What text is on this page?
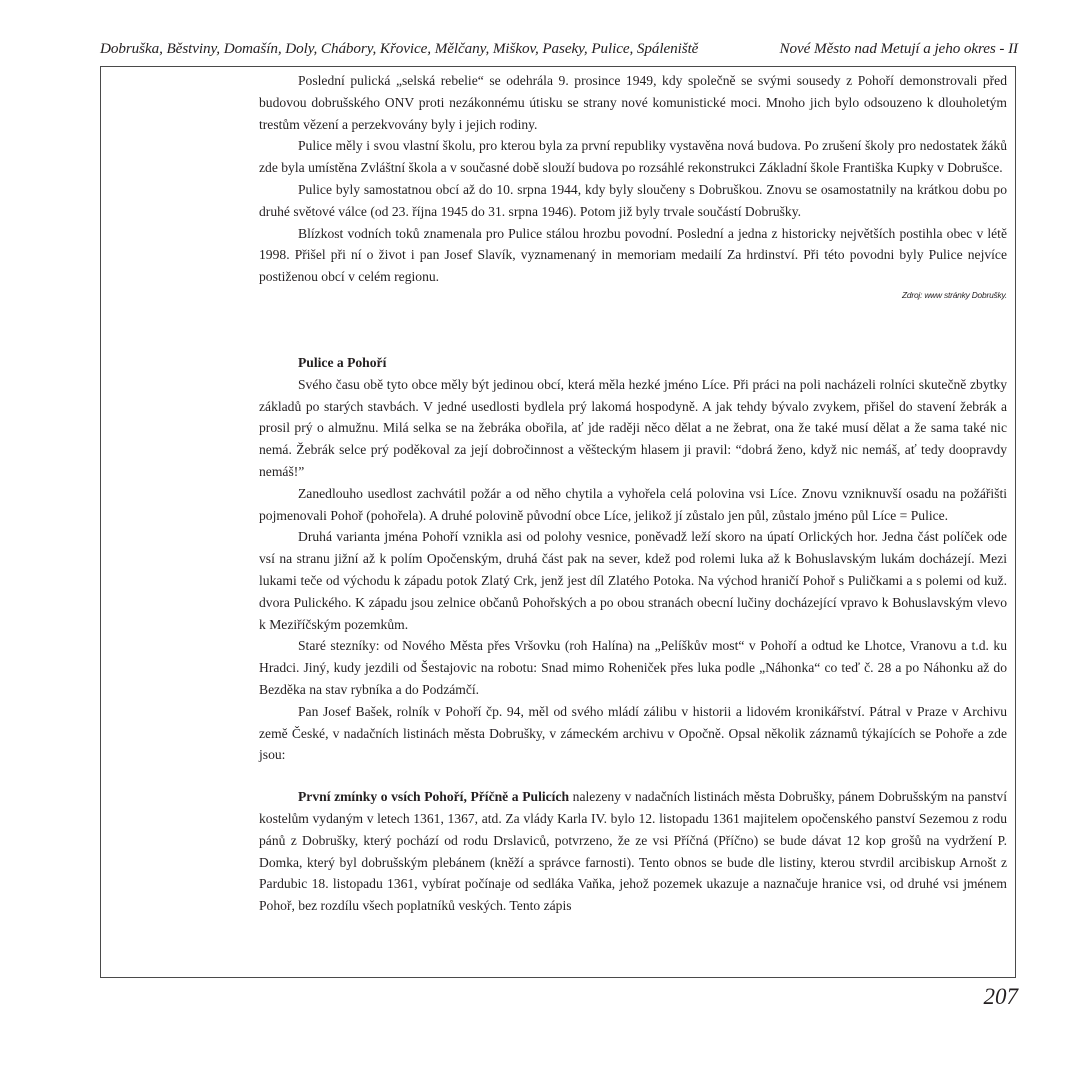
Dobruška, Běstviny, Domašín, Doly, Chábory, Křovice, Mělčany, Miškov, Paseky, Pulice, Spáleniště	Nové Město nad Metují a jeho okres - II

Poslední pulická „selská rebelie“ se odehrála 9. prosince 1949, kdy společně se svými sousedy z Pohoří demonstrovali před budovou dobrušského ONV proti nezákonnému útisku se strany nové komunistické moci. Mnoho jich bylo odsouzeno k dlouholetým trestům vězení a perzekvovány byly i jejich rodiny.

Pulice měly i svou vlastní školu, pro kterou byla za první republiky vystavěna nová budova. Po zrušení školy pro nedostatek žáků zde byla umístěna Zvláštní škola a v současné době slouží budova po rozsáhlé rekonstrukci Základní škole Františka Kupky v Dobrušce.

Pulice byly samostatnou obcí až do 10. srpna 1944, kdy byly sloučeny s Dobruškou. Znovu se osamostatnily na krátkou dobu po druhé světové válce (od 23. října 1945 do 31. srpna 1946). Potom již byly trvale součástí Dobrušky.

Blízkost vodních toků znamenala pro Pulice stálou hrozbu povodní. Poslední a jedna z historicky největších postihla obec v létě 1998. Přišel při ní o život i pan Josef Slavík, vyznamenaný in memoriam medailí Za hrdinství. Při této povodni byly Pulice nejvíce postiženou obcí v celém regionu.

Zdroj: www stránky Dobrušky.

Pulice a Pohoří

Svého času obě tyto obce měly být jedinou obcí, která měla hezké jméno Líce. Při práci na poli nacházeli rolníci skutečně zbytky základů po starých stavbách. V jedné usedlosti bydlela prý lakomá hospodyně. A jak tehdy bývalo zvykem, přišel do stavení žebrák a prosil prý o almužnu. Milá selka se na žebráka obořila, ať jde raději něco dělat a ne žebrat, ona že také musí dělat a že sama také nic nemá. Žebrák selce prý poděkoval za její dobročinnost a věšteckým hlasem ji pravil: “dobrá ženo, když nic nemáš, ať tedy doopravdy nemáš!”

Zanedlouho usedlost zachvátil požár a od něho chytila a vyhořela celá polovina vsi Líce. Znovu vzniknuvší osadu na požářišti pojmenovali Pohoř (pohořela). A druhé polovině původní obce Líce, jelikož jí zůstalo jen půl, zůstalo jméno půl Líce = Pulice.

Druhá varianta jména Pohoří vznikla asi od polohy vesnice, poněvadž leží skoro na úpatí Orlických hor. Jedna část políček ode vsí na stranu jižní až k polím Opočenským, druhá část pak na sever, kdež pod rolemi luka až k Bohuslavským lukám docházejí. Mezi lukami teče od východu k západu potok Zlatý Crk, jenž jest díl Zlatého Potoka. Na východ hraničí Pohoř s Puličkami a s polemi od kuž. dvora Pulického. K západu jsou zelnice občanů Pohořských a po obou stranách obecní lučiny docházející vpravo k Bohuslavským vlevo k Meziříčským pozemkům.

Staré stezníky: od Nového Města přes Vršovku (roh Halína) na „Pelíškův most“ v Pohoří a odtud ke Lhotce, Vranovu a t.d. ku Hradci. Jiný, kudy jezdili od Šestajovic na robotu: Snad mimo Roheniček přes luka podle „Náhonka“ co teď č. 28 a po Náhonku až do Bezděka na stav rybníka a do Podzámčí.

Pan Josef Bašek, rolník v Pohoří čp. 94, měl od svého mládí zálibu v historii a lidovém kronikářství. Pátral v Praze v Archivu země České, v nadačních listinách města Dobrušky, v zámeckém archivu v Opočně. Opsal několik záznamů týkajících se Pohoře a zde jsou:

První zmínky o vsích Pohoří, Příčně a Pulicích nalezeny v nadačních listinách města Dobrušky, pánem Dobrušským na panství kostelům vydaným v letech 1361, 1367, atd. Za vlády Karla IV. bylo 12. listopadu 1361 majitelem opočenského panství Sezemou z rodu pánů z Dobrušky, který pochází od rodu Drslaviců, potvrzeno, že ze vsi Příčná (Příčno) se bude dávat 12 kop grošů na vydržení P. Domka, který byl dobrušským plebánem (kněží a správce farnosti). Tento obnos se bude dle listiny, kterou stvrdil arcibiskup Arnošt z Pardubic 18. listopadu 1361, vybírat počínaje od sedláka Vaňka, jehož pozemek ukazuje a naznačuje hranice vsi, od druhé vsi jménem Pohoř, bez rozdílu všech poplatníků veských. Tento zápis

207
